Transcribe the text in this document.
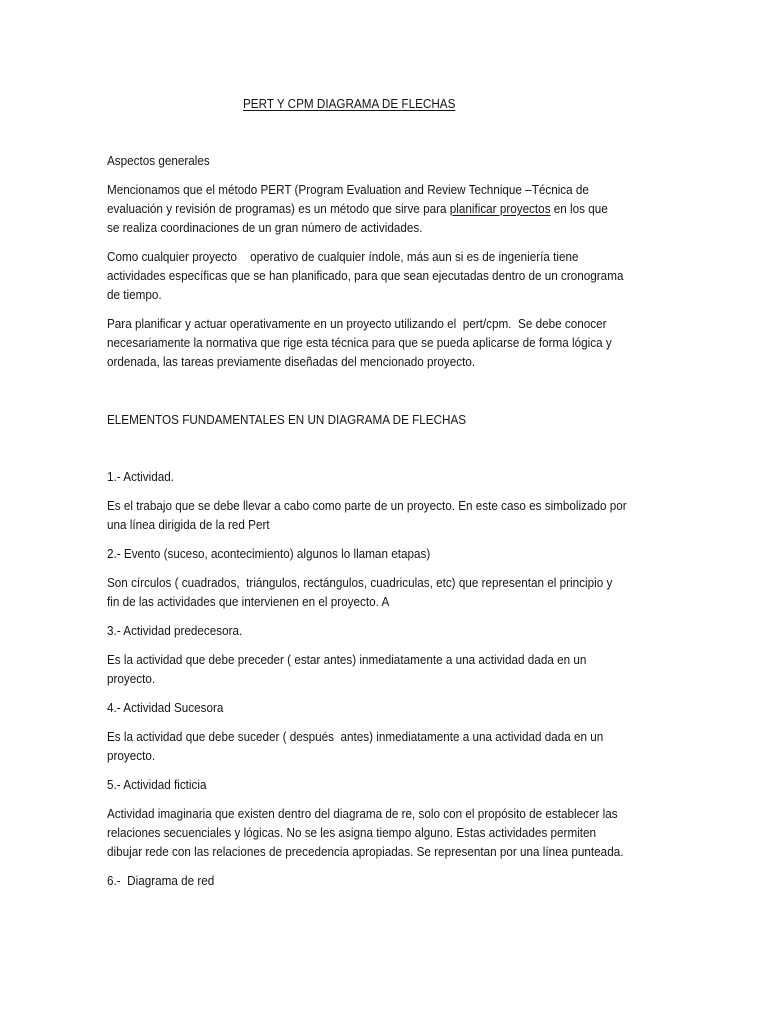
PERT Y CPM DIAGRAMA DE FLECHAS
Aspectos generales
Mencionamos que el método PERT (Program Evaluation and Review Technique –Técnica de
evaluación y revisión de programas) es un método que sirve para planificar proyectos en los que
se realiza coordinaciones de un gran número de actividades.
Como cualquier proyecto    operativo de cualquier índole, más aun si es de ingeniería tiene
actividades específicas que se han planificado, para que sean ejecutadas dentro de un cronograma
de tiempo.
Para planificar y actuar operativamente en un proyecto utilizando el  pert/cpm.  Se debe conocer
necesariamente la normativa que rige esta técnica para que se pueda aplicarse de forma lógica y
ordenada, las tareas previamente diseñadas del mencionado proyecto.
ELEMENTOS FUNDAMENTALES EN UN DIAGRAMA DE FLECHAS
1.- Actividad.
Es el trabajo que se debe llevar a cabo como parte de un proyecto. En este caso es simbolizado por
una línea dirigida de la red Pert
2.- Evento (suceso, acontecimiento) algunos lo llaman etapas)
Son círculos ( cuadrados,  triángulos, rectángulos, cuadriculas, etc) que representan el principio y
fin de las actividades que intervienen en el proyecto. A
3.- Actividad predecesora.
Es la actividad que debe preceder ( estar antes) inmediatamente a una actividad dada en un
proyecto.
4.- Actividad Sucesora
Es la actividad que debe suceder ( después  antes) inmediatamente a una actividad dada en un
proyecto.
5.- Actividad ficticia
Actividad imaginaria que existen dentro del diagrama de re, solo con el propósito de establecer las
relaciones secuenciales y lógicas. No se les asigna tiempo alguno. Estas actividades permiten
dibujar rede con las relaciones de precedencia apropiadas. Se representan por una línea punteada.
6.-  Diagrama de red
